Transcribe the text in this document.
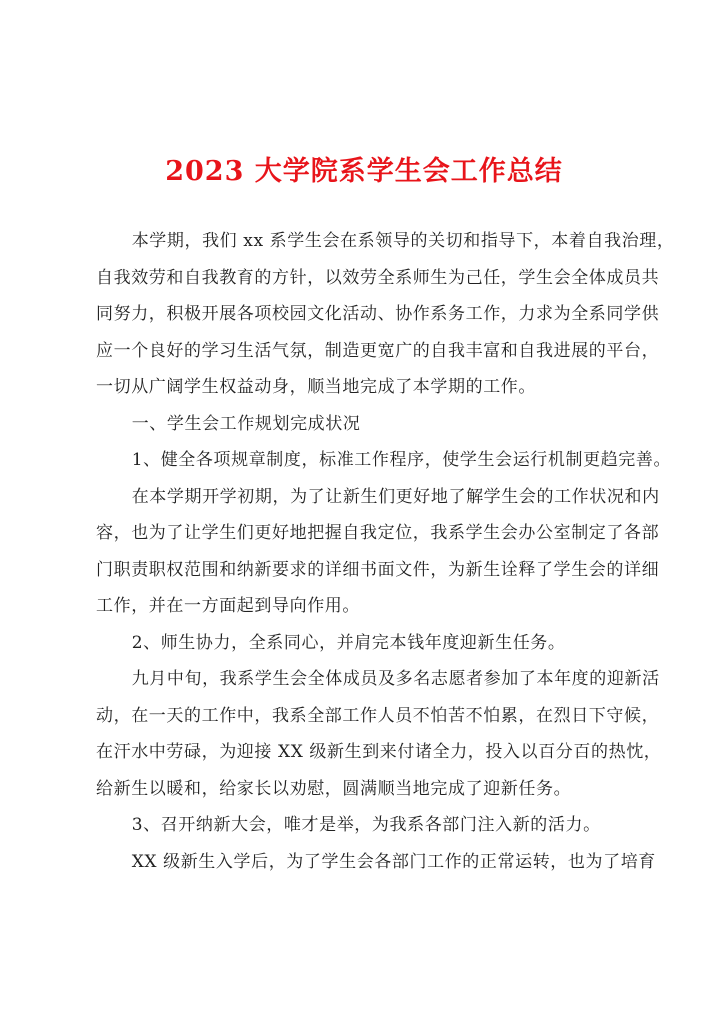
2023 大学院系学生会工作总结

本学期，我们 xx 系学生会在系领导的关切和指导下，本着自我治理，
自我效劳和自我教育的方针，以效劳全系师生为己任，学生会全体成员共
同努力，积极开展各项校园文化活动、协作系务工作，力求为全系同学供
应一个良好的学习生活气氛，制造更宽广的自我丰富和自我进展的平台，
一切从广阔学生权益动身，顺当地完成了本学期的工作。

一、学生会工作规划完成状况

1、健全各项规章制度，标准工作程序，使学生会运行机制更趋完善。

在本学期开学初期，为了让新生们更好地了解学生会的工作状况和内
容，也为了让学生们更好地把握自我定位，我系学生会办公室制定了各部
门职责职权范围和纳新要求的详细书面文件，为新生诠释了学生会的详细
工作，并在一方面起到导向作用。

2、师生协力，全系同心，并肩完本钱年度迎新生任务。

九月中旬，我系学生会全体成员及多名志愿者参加了本年度的迎新活
动，在一天的工作中，我系全部工作人员不怕苦不怕累，在烈日下守候，
在汗水中劳碌，为迎接 XX 级新生到来付诸全力，投入以百分百的热忱，
给新生以暖和，给家长以劝慰，圆满顺当地完成了迎新任务。

3、召开纳新大会，唯才是举，为我系各部门注入新的活力。

XX 级新生入学后，为了学生会各部门工作的正常运转，也为了培育
